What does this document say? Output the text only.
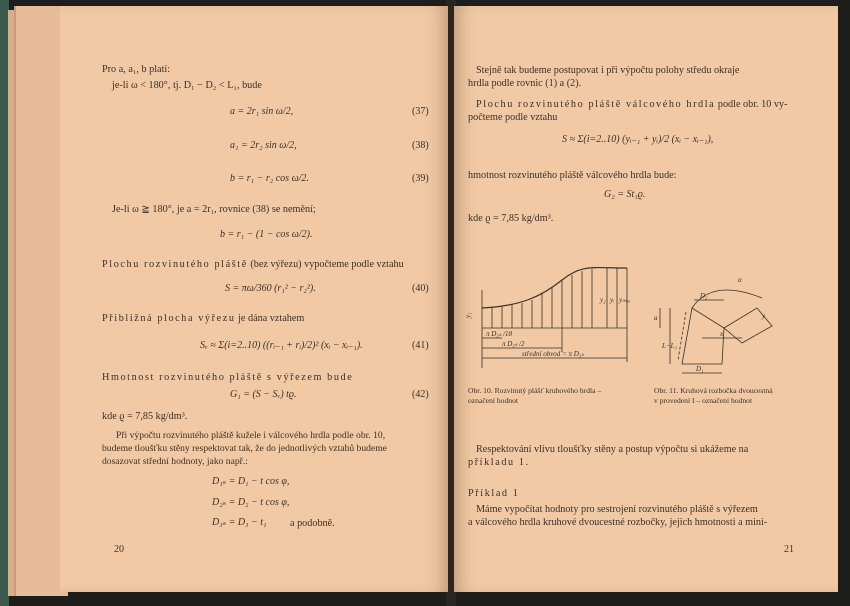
Pro a, a₁, b platí:
je-li ω < 180°, tj. D₁ − D₂ < L₁, bude
a = 2r₁ sin ω/2,	(37)
a₁ = 2r₂ sin ω/2,	(38)
b = r₁ − r₂ cos ω/2.	(39)
Je-li ω ≧ 180°, je a = 2r₁, rovnice (38) se nemění;
b = r₁ − (1 − cos ω/2).
Plochu rozvinutého pláště (bez výřezu) vypočteme podle vztahu
S = πω/360 (r₁² − r₂²).	(40)
Přibližná plocha výřezu je dána vztahem
Sᵥ ≈ Σ(i=2..10) ((rᵢ₋₁ + rᵢ)/2)² (xᵢ − xᵢ₋₁).	(41)
Hmotnost rozvinutého pláště s výřezem bude
G₁ = (S − Sᵥ) tϱ.	(42)
kde ϱ = 7,85 kg/dm³.
Při výpočtu rozvinutého pláště kužele i válcového hrdla podle obr. 10,
budeme tloušťku stěny respektovat tak, že do jednotlivých vztahů budeme
dosazovat střední hodnoty, jako např.:
D₁ₛ = D₁ − t cos φ,
D₂ₛ = D₂ − t cos φ,
D₃ₛ = D₃ − t₁ a podobně.
20
Stejně tak budeme postupovat i při výpočtu polohy středu okraje
hrdla podle rovnic (1) a (2).
Plochu rozvinutého pláště válcového hrdla podle obr. 10 vy-
počteme podle vztahu
S ≈ Σ(i=2..10) (yᵢ₋₁ + yᵢ)/2 (xᵢ − xᵢ₋₁),
hmotnost rozvinutého pláště válcového hrdla bude:
G₂ = St₁ϱ.
kde ϱ = 7,85 kg/dm³.
y₁
y₂ yᵢ yₘₐₓ
π D₃ₛ /18
π D₃ₛ /2
střední obvod = π D₃ₛ
a
D₂
D₁
L−L₁
α
x
y
Obr. 10. Rozvinutý plášť kruhového hrdla –
označení hodnot
Obr. 11. Kruhová rozbočka dvoucestná
v provedení I – označení hodnot
Respektování vlivu tloušťky stěny a postup výpočtu si ukážeme na
příkladu 1.
Příklad 1
Máme vypočítat hodnoty pro sestrojení rozvinutého pláště s výřezem
a válcového hrdla kruhové dvoucestné rozbočky, jejich hmotnosti a mini-
21
